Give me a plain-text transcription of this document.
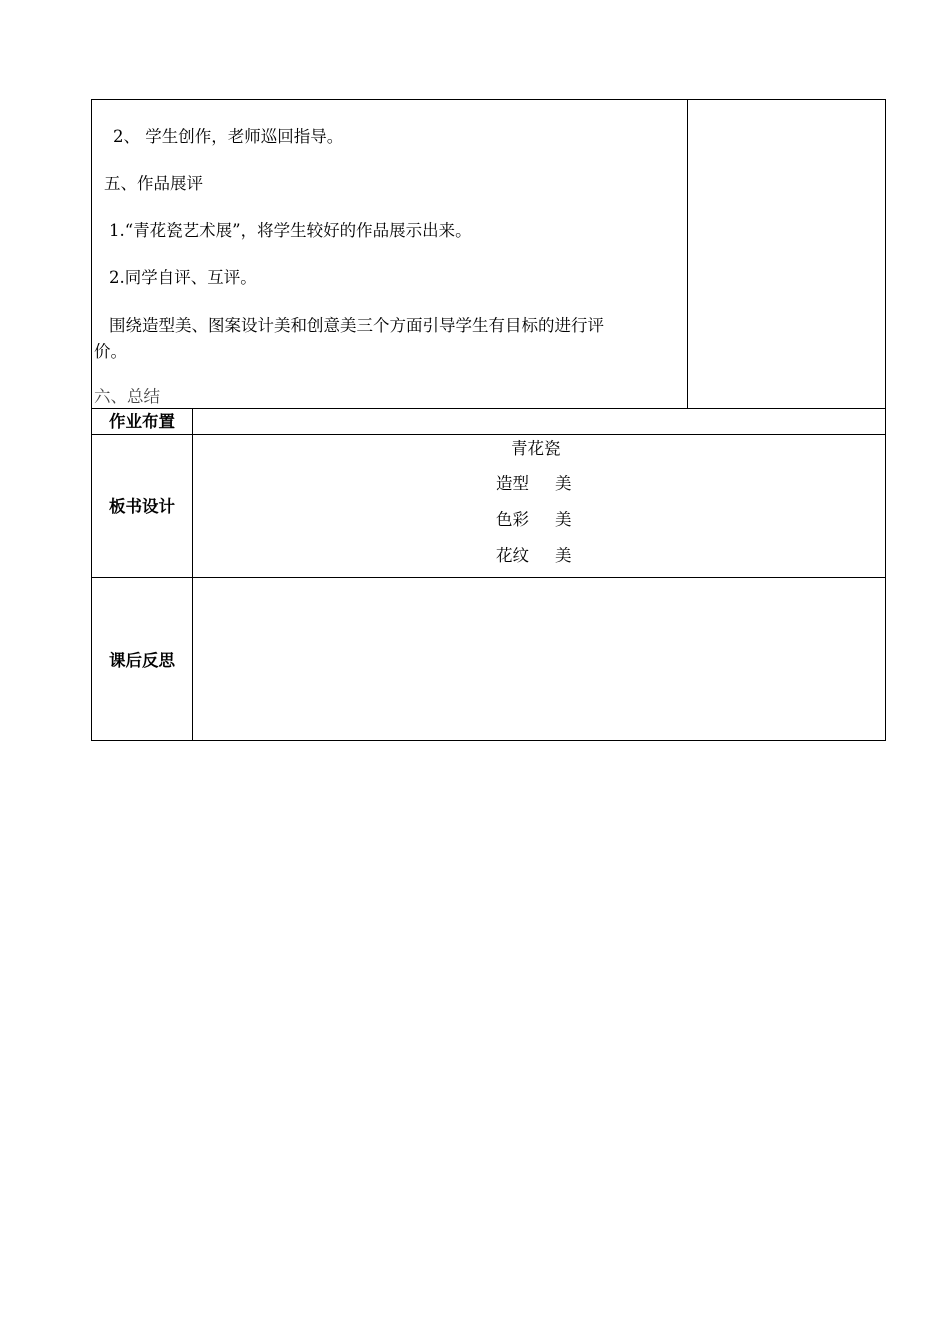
2、 学生创作，老师巡回指导。
五、作品展评
1.“青花瓷艺术展”，将学生较好的作品展示出来。
2.同学自评、互评。
围绕造型美、图案设计美和创意美三个方面引导学生有目标的进行评
价。
六、总结
作业布置
板书设计
青花瓷
造型 美
色彩 美
花纹 美
课后反思
